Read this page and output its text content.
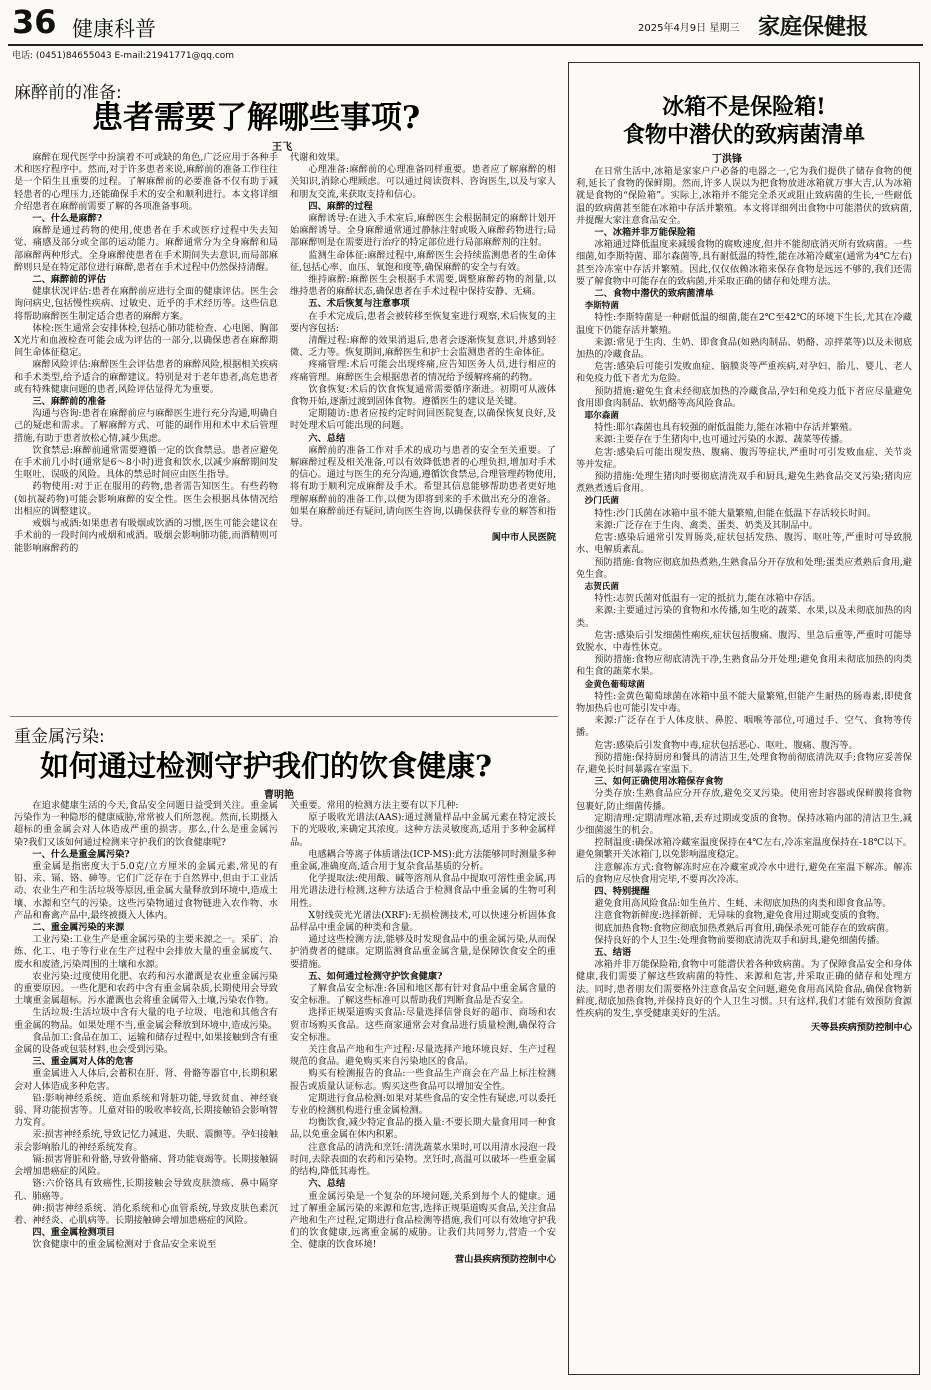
36 健康科普	2025年4月9日 星期三 家庭保健报
电话: (0451)84655043 E-mail:21941771@qq.com
麻醉前的准备:
患者需要了解哪些事项?
王飞

麻醉在现代医学中扮演着不可或缺的角色,广泛应用于各种手术和医疗程序中。然而,对于许多患者来说,麻醉前的准备工作往往是一个陌生且重要的过程。了解麻醉前的必要准备不仅有助于减轻患者的心理压力,还能确保手术的安全和顺利进行。本文将详细介绍患者在麻醉前需要了解的各项准备事项。

一、什么是麻醉?

麻醉是通过药物的使用,使患者在手术或医疗过程中失去知觉、痛感及部分或全部的运动能力。麻醉通常分为全身麻醉和局部麻醉两种形式。全身麻醉使患者在手术期间失去意识,而局部麻醉则只是在特定部位进行麻醉,患者在手术过程中仍然保持清醒。

二、麻醉前的评估

健康状况评估:患者在麻醉前应进行全面的健康评估。医生会询问病史,包括慢性疾病、过敏史、近乎的手术经历等。这些信息将帮助麻醉医生制定适合患者的麻醉方案。

体检:医生通常会安排体检,包括心肺功能检查、心电图、胸部X光片和血液检查可能会成为评估的一部分,以确保患者在麻醉期间生命体征稳定。

麻醉风险评估:麻醉医生会评估患者的麻醉风险,根据相关疾病和手术类型,给予适合的麻醉建议。特别是对于老年患者,高危患者或有特殊健康问题的患者,风险评估显得尤为重要。

三、麻醉前的准备

沟通与咨询:患者在麻醉前应与麻醉医生进行充分沟通,明确自己的疑虑和需求。了解麻醉方式、可能的副作用和术中术后管理措施,有助于患者放松心情,减少焦虑。

饮食禁忌:麻醉前通常需要遵循一定的饮食禁忌。患者应避免在手术前几小时(通常是6～8小时)进食和饮水,以减少麻醉期间发生呕吐、误吸的风险。具体的禁忌时间应由医生指导。

药物使用:对于正在服用的药物,患者需告知医生。有些药物(如抗凝药物)可能会影响麻醉的安全性。医生会根据具体情况给出相应的调整建议。

戒烟与戒酒:如果患者有吸烟或饮酒的习惯,医生可能会建议在手术前的一段时间内戒烟和戒酒。吸烟会影响肺功能,而酒精则可能影响麻醉药的

代谢和效果。

心理准备:麻醉前的心理准备同样重要。患者应了解麻醉的相关知识,消除心理顾虑。可以通过阅读资料、咨询医生,以及与家人和朋友交流,来获取支持和信心。

四、麻醉的过程

麻醉诱导:在进入手术室后,麻醉医生会根据制定的麻醉计划开始麻醉诱导。全身麻醉通常通过静脉注射或吸入麻醉药物进行;局部麻醉则是在需要进行治疗的特定部位进行局部麻醉剂的注射。

监测生命体征:麻醉过程中,麻醉医生会持续监测患者的生命体征,包括心率、血压、氧饱和度等,确保麻醉的安全与有效。

维持麻醉:麻醉医生会根据手术需要,调整麻醉药物的剂量,以维持患者的麻醉状态,确保患者在手术过程中保持安静、无痛。

五、术后恢复与注意事项

在手术完成后,患者会被转移至恢复室进行观察,术后恢复的主要内容包括:

清醒过程:麻醉的效果消退后,患者会逐渐恢复意识,并感到轻微、乏力等。恢复期间,麻醉医生和护士会监测患者的生命体征。

疼痛管理:术后可能会出现疼痛,应告知医务人员,进行相应的疼痛管理。麻醉医生会根据患者的情况给予缓解疼痛的药物。

饮食恢复:术后的饮食恢复通常需要循序渐进。初期可从液体食物开始,逐渐过渡到固体食物。遵循医生的建议是关键。

定期随访:患者应按约定时间回医院复查,以确保恢复良好,及时处理术后可能出现的问题。

六、总结

麻醉前的准备工作对手术的成功与患者的安全至关重要。了解麻醉过程及相关准备,可以有效降低患者的心理负担,增加对手术的信心。通过与医生的充分沟通,遵循饮食禁忌,合理管理药物使用,将有助于顺利完成麻醉及手术。希望其信息能够帮助患者更好地理解麻醉前的准备工作,以便为即将到来的手术做出充分的准备。如果在麻醉前还有疑问,请向医生咨询,以确保获得专业的解答和指导。

阆中市人民医院

重金属污染:
如何通过检测守护我们的饮食健康?
曹明艳

在追求健康生活的今天,食品安全问题日益受到关注。重金属污染作为一种隐形的健康威胁,常常被人们所忽视。然而,长期摄入超标的重金属会对人体造成严重的损害。那么,什么是重金属污染?我们又该如何通过检测来守护我们的饮食健康呢?

一、什么是重金属污染?

重金属是指密度大于5.0克/立方厘米的金属元素,常见的有铅、汞、镉、铬、砷等。它们广泛存在于自然界中,但由于工业活动、农业生产和生活垃圾等原因,重金属大量释放到环境中,造成土壤、水源和空气的污染。这些污染物通过食物链进入农作物、水产品和畜禽产品中,最终被摄入人体内。

二、重金属污染的来源

工业污染:工业生产是重金属污染的主要来源之一。采矿、冶炼、化工、电子等行业在生产过程中会排放大量的重金属废气、废水和废渣,污染周围的土壤和水源。

农业污染:过度使用化肥、农药和污水灌溉是农业重金属污染的重要原因。一些化肥和农药中含有重金属杂质,长期使用会导致土壤重金属超标。污水灌溉也会将重金属带入土壤,污染农作物。

生活垃圾:生活垃圾中含有大量的电子垃圾、电池和其他含有重金属的物品。如果处理不当,重金属会释放到环境中,造成污染。

食品加工:食品在加工、运输和储存过程中,如果接触到含有重金属的设备或包装材料,也会受到污染。

三、重金属对人体的危害

重金属进入人体后,会蓄积在肝、肾、骨骼等器官中,长期积累会对人体造成多种危害。

铅:影响神经系统、造血系统和肾脏功能,导致贫血、神经衰弱、肾功能损害等。儿童对铅的吸收率较高,长期接触铅会影响智力发育。

汞:损害神经系统,导致记忆力减退、失眠、震颤等。孕妇接触汞会影响胎儿的神经系统发育。

镉:损害肾脏和骨骼,导致骨骼痛、肾功能衰竭等。长期接触镉会增加患癌症的风险。

铬:六价铬具有致癌性,长期接触会导致皮肤溃疡、鼻中隔穿孔、肺癌等。

砷:损害神经系统、消化系统和心血管系统,导致皮肤色素沉着、神经炎、心肌病等。长期接触砷会增加患癌症的风险。

四、重金属检测项目

饮食健康中的重金属检测对于食品安全来说至

关重要。常用的检测方法主要有以下几种:

原子吸收光谱法(AAS):通过测量样品中金属元素在特定波长下的光吸收,来确定其浓度。这种方法灵敏度高,适用于多种金属样品。

电感耦合等离子体质谱法(ICP-MS):此方法能够同时测量多种重金属,准确度高,适合用于复杂食品基质的分析。

化学提取法:使用酸、碱等溶剂从食品中提取可溶性重金属,再用光谱法进行检测,这种方法适合于检测食品中重金属的生物可利用性。

X射线荧光光谱法(XRF):无损检测技术,可以快速分析固体食品样品中重金属的种类和含量。

通过这些检测方法,能够及时发现食品中的重金属污染,从而保护消费者的健康。定期监测食品重金属含量,是保障饮食安全的重要措施。

五、如何通过检测守护饮食健康?

了解食品安全标准:各国和地区都有针对食品中重金属含量的安全标准。了解这些标准可以帮助我们判断食品是否安全。

选择正规渠道购买食品:尽量选择信誉良好的超市、商场和农贸市场购买食品。这些商家通常会对食品进行质量检测,确保符合安全标准。

关注食品产地和生产过程:尽量选择产地环境良好、生产过程规范的食品。避免购买来自污染地区的食品。

购买有检测报告的食品:一些食品生产商会在产品上标注检测报告或质量认证标志。购买这些食品可以增加安全性。

定期进行食品检测:如果对某些食品的安全性有疑虑,可以委托专业的检测机构进行重金属检测。

均衡饮食,减少特定食品的摄入量:不要长期大量食用同一种食品,以免重金属在体内积累。

注意食品的清洗和烹饪:清洗蔬菜水果时,可以用清水浸泡一段时间,去除表面的农药和污染物。烹饪时,高温可以破坏一些重金属的结构,降低其毒性。

六、总结

重金属污染是一个复杂的环境问题,关系到每个人的健康。通过了解重金属污染的来源和危害,选择正规渠道购买食品,关注食品产地和生产过程,定期进行食品检测等措施,我们可以有效地守护我们的饮食健康,远离重金属的威胁。让我们共同努力,营造一个安全、健康的饮食环境!

营山县疾病预防控制中心

冰箱不是保险箱!
食物中潜伏的致病菌清单
丁洪锋

在日常生活中,冰箱是家家户户必备的电器之一,它为我们提供了储存食物的便利,延长了食物的保鲜期。然而,许多人误以为把食物放进冰箱就万事大吉,认为冰箱就是食物的“保险箱”。实际上,冰箱并不能完全杀灭或阻止致病菌的生长,一些耐低温的致病菌甚至能在冰箱中存活并繁殖。本文将详细列出食物中可能潜伏的致病菌,并提醒大家注意食品安全。

一、冰箱并非万能保险箱

冰箱通过降低温度来减缓食物的腐败速度,但并不能彻底消灭所有致病菌。一些细菌,如李斯特菌、耶尔森菌等,具有耐低温的特性,能在冰箱冷藏室(通常为4℃左右)甚至冷冻室中存活并繁殖。因此,仅仅依赖冰箱来保存食物是远远不够的,我们还需要了解食物中可能存在的致病菌,并采取正确的储存和处理方法。

二、食物中潜伏的致病菌清单

李斯特菌

特性:李斯特菌是一种耐低温的细菌,能在2℃至42℃的环境下生长,尤其在冷藏温度下仍能存活并繁殖。

来源:常见于生肉、生奶、即食食品(如熟肉制品、奶酪、凉拌菜等)以及未彻底加热的冷藏食品。

危害:感染后可能引发败血症、脑膜炎等严重疾病,对孕妇、胎儿、婴儿、老人和免疫力低下者尤为危险。

预防措施:避免生食未经彻底加热的冷藏食品,孕妇和免疫力低下者应尽量避免食用即食肉制品、软奶酪等高风险食品。

耶尔森菌

特性:耶尔森菌也具有较强的耐低温能力,能在冰箱中存活并繁殖。

来源:主要存在于生猪肉中,也可通过污染的水源、蔬菜等传播。

危害:感染后可能出现发热、腹痛、腹泻等症状,严重时可引发败血症、关节炎等并发症。

预防措施:处理生猪肉时要彻底清洗双手和厨具,避免生熟食品交叉污染;猪肉应煮熟煮透后食用。

沙门氏菌

特性:沙门氏菌在冰箱中虽不能大量繁殖,但能在低温下存活较长时间。

来源:广泛存在于生肉、禽类、蛋类、奶类及其制品中。

危害:感染后通常引发胃肠炎,症状包括发热、腹泻、呕吐等,严重时可导致脱水、电解质紊乱。

预防措施:食物应彻底加热煮熟,生熟食品分开存放和处理;蛋类应煮熟后食用,避免生食。

志贺氏菌

特性:志贺氏菌对低温有一定的抵抗力,能在冰箱中存活。

来源:主要通过污染的食物和水传播,如生吃的蔬菜、水果,以及未彻底加热的肉类。

危害:感染后引发细菌性痢疾,症状包括腹痛、腹泻、里急后重等,严重时可能导致脱水、中毒性休克。

预防措施:食物应彻底清洗干净,生熟食品分开处理;避免食用未彻底加热的肉类和生食的蔬菜水果。

金黄色葡萄球菌

特性:金黄色葡萄球菌在冰箱中虽不能大量繁殖,但能产生耐热的肠毒素,即使食物加热后也可能引发中毒。

来源:广泛存在于人体皮肤、鼻腔、咽喉等部位,可通过手、空气、食物等传播。

危害:感染后引发食物中毒,症状包括恶心、呕吐、腹痛、腹泻等。

预防措施:保持厨房和餐具的清洁卫生,处理食物前彻底清洗双手;食物应妥善保存,避免长时间暴露在室温下。

三、如何正确使用冰箱保存食物

分类存放:生熟食品应分开存放,避免交叉污染。使用密封容器或保鲜膜将食物包裹好,防止细菌传播。

定期清理:定期清理冰箱,丢弃过期或变质的食物。保持冰箱内部的清洁卫生,减少细菌滋生的机会。

控制温度:确保冰箱冷藏室温度保持在4℃左右,冷冻室温度保持在-18℃以下。避免频繁开关冰箱门,以免影响温度稳定。

注意解冻方式:食物解冻时应在冷藏室或冷水中进行,避免在室温下解冻。解冻后的食物应尽快食用完毕,不要再次冷冻。

四、特别提醒

避免食用高风险食品:如生鱼片、生蚝、未彻底加热的肉类和即食食品等。

注意食物新鲜度:选择新鲜、无异味的食物,避免食用过期或变质的食物。

彻底加热食物:食物应彻底加热煮熟后再食用,确保杀死可能存在的致病菌。

保持良好的个人卫生:处理食物前要彻底清洗双手和厨具,避免细菌传播。

五、结语

冰箱并非万能保险箱,食物中可能潜伏着各种致病菌。为了保障食品安全和身体健康,我们需要了解这些致病菌的特性、来源和危害,并采取正确的储存和处理方法。同时,患者朋友们需要格外注意食品安全问题,避免食用高风险食品,确保食物新鲜度,彻底加热食物,并保持良好的个人卫生习惯。只有这样,我们才能有效预防食源性疾病的发生,享受健康美好的生活。

天等县疾病预防控制中心
